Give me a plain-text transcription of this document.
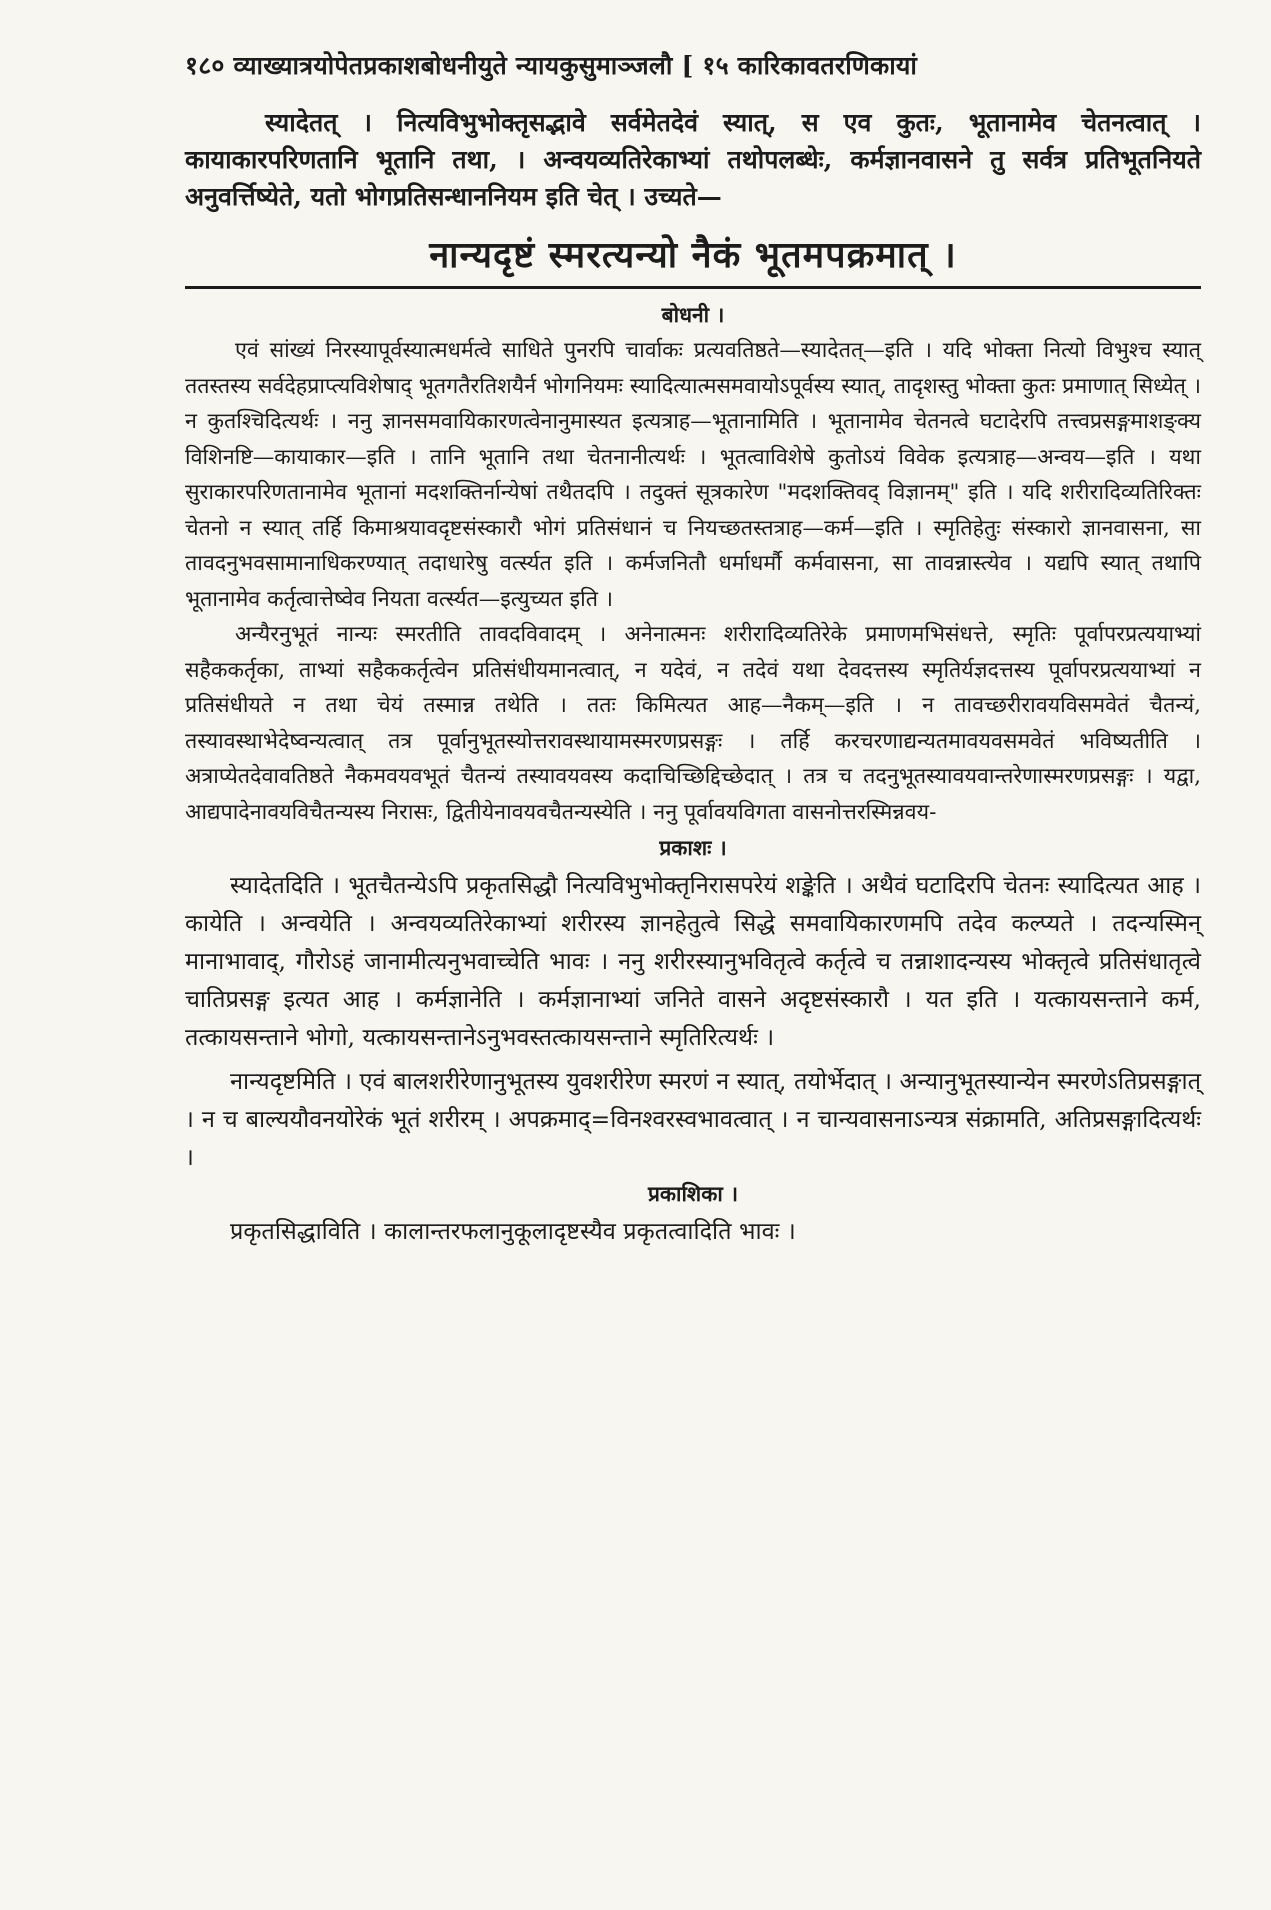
१८० व्याख्यात्रयोपेतप्रकाशबोधनीयुते न्यायकुसुमाञ्जलौ [ १५ कारिकावतरणिकायां

स्यादेतत् । नित्यविभुभोक्तृसद्भावे सर्वमेतदेवं स्यात्, स एव कुतः, भूतानामेव चेतनत्वात् । कायाकारपरिणतानि भूतानि तथा, । अन्वयव्यतिरेकाभ्यां तथोपलब्धेः, कर्मज्ञानवासने तु सर्वत्र प्रतिभूतनियते अनुवर्त्तिष्येते, यतो भोगप्रतिसन्धाननियम इति चेत् । उच्यते—

नान्यदृष्टं स्मरत्यन्यो नैकं भूतमपक्रमात् ।
बोधनी ।

एवं सांख्यं निरस्यापूर्वस्यात्मधर्मत्वे साधिते पुनरपि चार्वाकः प्रत्यवतिष्ठते—स्यादेतत्—इति । यदि भोक्ता नित्यो विभुश्च स्यात् ततस्तस्य सर्वदेहप्राप्त्यविशेषाद् भूतगतैरतिशयैर्न भोगनियमः स्यादित्यात्मसमवायोऽपूर्वस्य स्यात्, तादृशस्तु भोक्ता कुतः प्रमाणात् सिध्येत् । न कुतश्चिदित्यर्थः । ननु ज्ञानसमवायिकारणत्वेनानुमास्यत इत्यत्राह—भूतानामिति । भूतानामेव चेतनत्वे घटादेरपि तत्त्वप्रसङ्गमाशङ्क्य विशिनष्टि—कायाकार—इति । तानि भूतानि तथा चेतनानीत्यर्थः । भूतत्वाविशेषे कुतोऽयं विवेक इत्यत्राह—अन्वय—इति । यथा सुराकारपरिणतानामेव भूतानां मदशक्तिर्नान्येषां तथैतदपि । तदुक्तं सूत्रकारेण "मदशक्तिवद् विज्ञानम्" इति । यदि शरीरादिव्यतिरिक्तः चेतनो न स्यात् तर्हि किमाश्रयावदृष्टसंस्कारौ भोगं प्रतिसंधानं च नियच्छतस्तत्राह—कर्म—इति । स्मृतिहेतुः संस्कारो ज्ञानवासना, सा तावदनुभवसामानाधिकरण्यात् तदाधारेषु वर्त्स्यत इति । कर्मजनितौ धर्माधर्मौ कर्मवासना, सा तावन्नास्त्येव । यद्यपि स्यात् तथापि भूतानामेव कर्तृत्वात्तेष्वेव नियता वर्त्स्यत—इत्युच्यत इति ।

अन्यैरनुभूतं नान्यः स्मरतीति तावदविवादम् । अनेनात्मनः शरीरादिव्यतिरेके प्रमाणमभिसंधत्ते, स्मृतिः पूर्वापरप्रत्ययाभ्यां सहैककर्तृका, ताभ्यां सहैककर्तृत्वेन प्रतिसंधीयमानत्वात्, न यदेवं, न तदेवं यथा देवदत्तस्य स्मृतिर्यज्ञदत्तस्य पूर्वापरप्रत्ययाभ्यां न प्रतिसंधीयते न तथा चेयं तस्मान्न तथेति । ततः किमित्यत आह—नैकम्—इति । न तावच्छरीरावयविसमवेतं चैतन्यं, तस्यावस्थाभेदेष्वन्यत्वात् तत्र पूर्वानुभूतस्योत्तरावस्थायामस्मरणप्रसङ्गः । तर्हि करचरणाद्यन्यतमावयवसमवेतं भविष्यतीति । अत्राप्येतदेवावतिष्ठते नैकमवयवभूतं चैतन्यं तस्यावयवस्य कदाचिच्छिद्दिच्छेदात् । तत्र च तदनुभूतस्यावयवान्तरेणास्मरणप्रसङ्गः । यद्वा, आद्यपादेनावयविचैतन्यस्य निरासः, द्वितीयेनावयवचैतन्यस्येति । ननु पूर्वावयविगता वासनोत्तरस्मिन्नवय-

प्रकाशः ।

स्यादेतदिति । भूतचैतन्येऽपि प्रकृतसिद्धौ नित्यविभुभोक्तृनिरासपरेयं शङ्केति । अथैवं घटादिरपि चेतनः स्यादित्यत आह । कायेति । अन्वयेति । अन्वयव्यतिरेकाभ्यां शरीरस्य ज्ञानहेतुत्वे सिद्धे समवायिकारणमपि तदेव कल्प्यते । तदन्यस्मिन् मानाभावाद्, गौरोऽहं जानामीत्यनुभवाच्चेति भावः । ननु शरीरस्यानुभवितृत्वे कर्तृत्वे च तन्नाशादन्यस्य भोक्तृत्वे प्रतिसंधातृत्वे चातिप्रसङ्ग इत्यत आह । कर्मज्ञानेति । कर्मज्ञानाभ्यां जनिते वासने अदृष्टसंस्कारौ । यत इति । यत्कायसन्ताने कर्म, तत्कायसन्ताने भोगो, यत्कायसन्तानेऽनुभवस्तत्कायसन्ताने स्मृतिरित्यर्थः ।

नान्यदृष्टमिति । एवं बालशरीरेणानुभूतस्य युवशरीरेण स्मरणं न स्यात्, तयोर्भेदात् । अन्यानुभूतस्यान्येन स्मरणेऽतिप्रसङ्गात् । न च बाल्ययौवनयोरेकं भूतं शरीरम् । अपक्रमाद्=विनश्वरस्वभावत्वात् । न चान्यवासनाऽन्यत्र संक्रामति, अतिप्रसङ्गादित्यर्थः ।

प्रकाशिका ।

प्रकृतसिद्धाविति । कालान्तरफलानुकूलादृष्टस्यैव प्रकृतत्वादिति भावः ।
